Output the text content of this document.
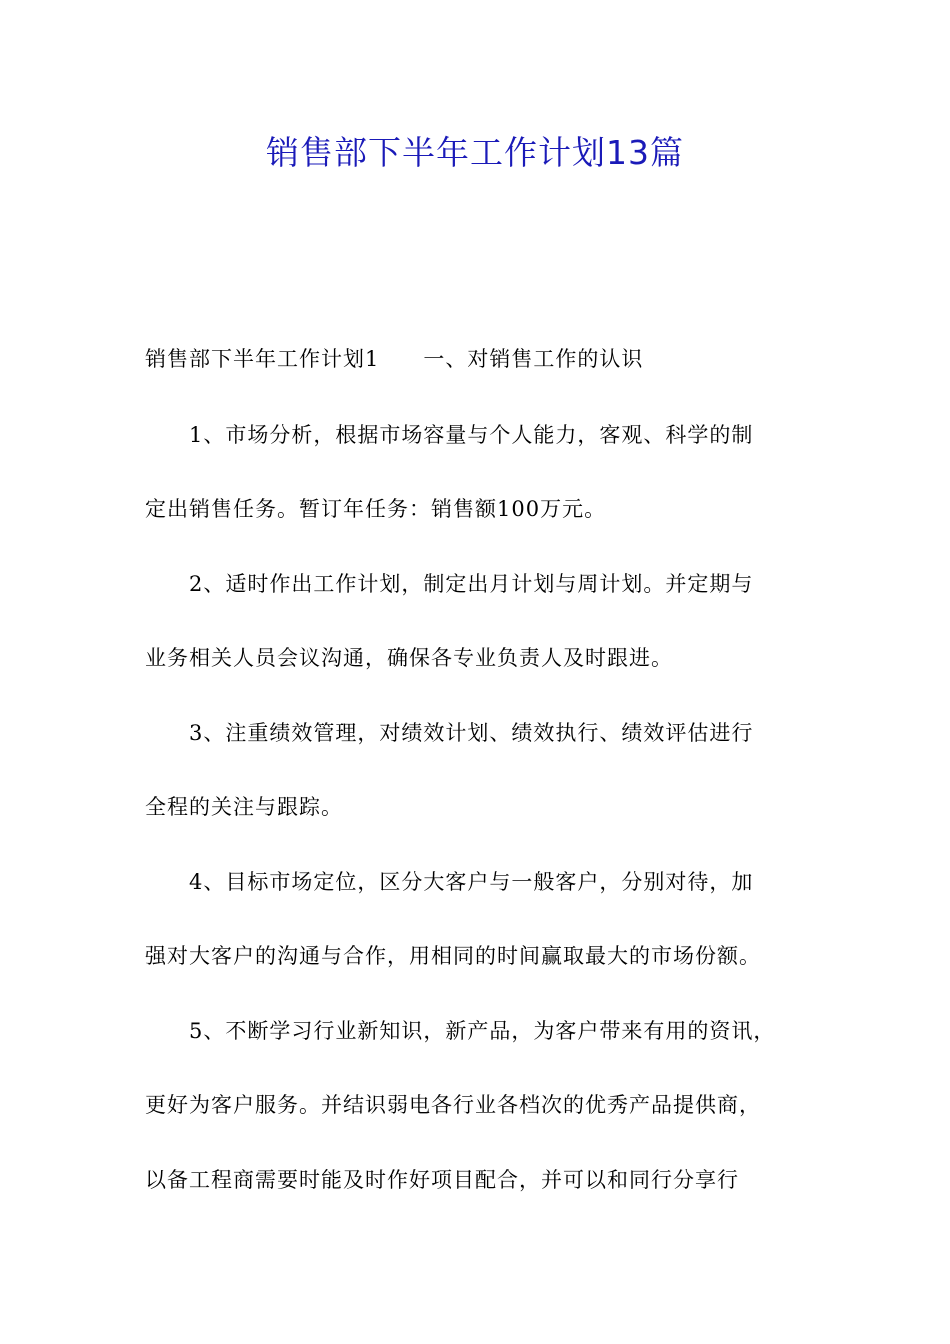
销售部下半年工作计划13篇
销售部下半年工作计划1　　一、对销售工作的认识
1、市场分析，根据市场容量与个人能力，客观、科学的制
定出销售任务。暂订年任务：销售额100万元。
2、适时作出工作计划，制定出月计划与周计划。并定期与
业务相关人员会议沟通，确保各专业负责人及时跟进。
3、注重绩效管理，对绩效计划、绩效执行、绩效评估进行
全程的关注与跟踪。
4、目标市场定位，区分大客户与一般客户，分别对待，加
强对大客户的沟通与合作，用相同的时间赢取最大的市场份额。
5、不断学习行业新知识，新产品，为客户带来有用的资讯，
更好为客户服务。并结识弱电各行业各档次的优秀产品提供商，
以备工程商需要时能及时作好项目配合，并可以和同行分享行
